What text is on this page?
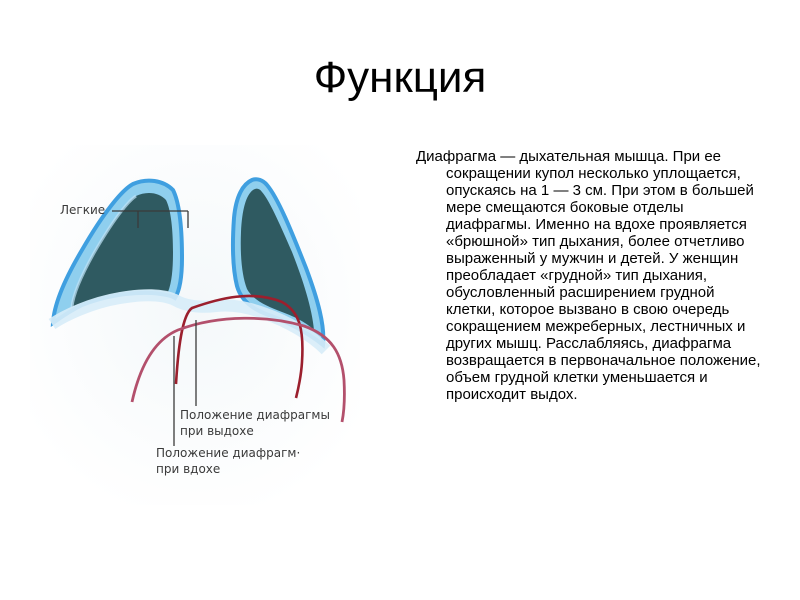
Функция
Легкие
Положение диафрагмы
при выдохе
Положение диафрагм·
при вдохе

Диафрагма — дыхательная мышца. При ее сокращении купол несколько уплощается, опускаясь на 1 — 3 см. При этом в большей мере смещаются боковые отделы диафрагмы. Именно на вдохе проявляется «брюшной» тип дыхания, более отчетливо выраженный у мужчин и детей. У женщин преобладает «грудной» тип дыхания, обусловленный расширением грудной клетки, которое вызвано в свою очередь сокращением межреберных, лестничных и других мышц. Расслабляясь, диафрагма возвращается в первоначальное положение, объем грудной клетки уменьшается и происходит выдох.
